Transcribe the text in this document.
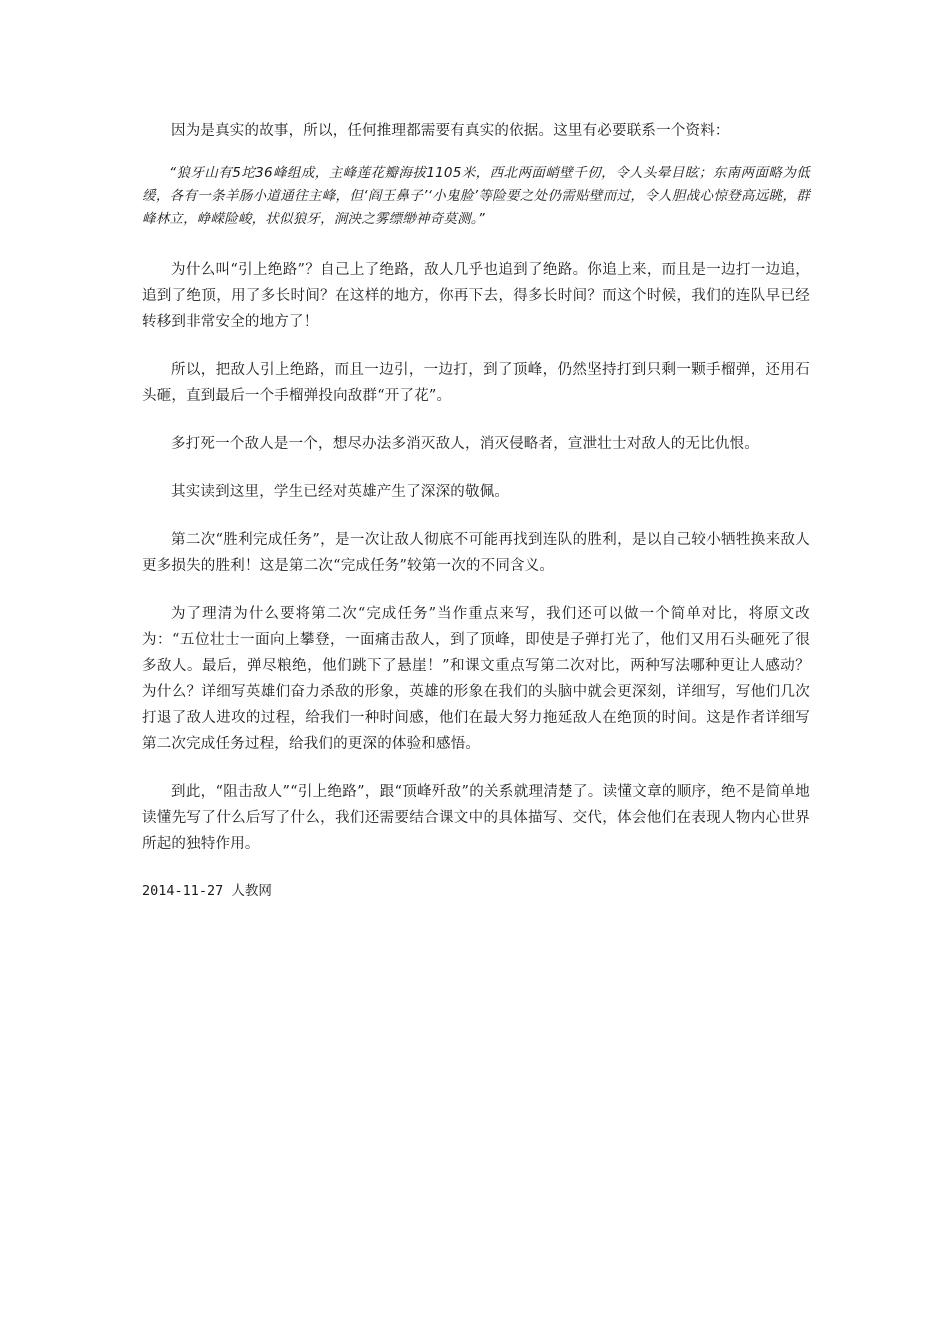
因为是真实的故事，所以，任何推理都需要有真实的依据。这里有必要联系一个资料：

“狼牙山有5坨36峰组成，主峰莲花瓣海拔1105米，西北两面峭壁千仞，令人头晕目眩；东南两面略为低缓，各有一条羊肠小道通往主峰，但‘阎王鼻子’‘小鬼脸’等险要之处仍需贴壁而过，令人胆战心惊登高远眺，群峰林立，峥嵘险峻，状似狼牙，涧泱之雾缥缈神奇莫测。”

为什么叫“引上绝路”？自己上了绝路，敌人几乎也追到了绝路。你追上来，而且是一边打一边追，追到了绝顶，用了多长时间？在这样的地方，你再下去，得多长时间？而这个时候，我们的连队早已经转移到非常安全的地方了！

所以，把敌人引上绝路，而且一边引，一边打，到了顶峰，仍然坚持打到只剩一颗手榴弹，还用石头砸，直到最后一个手榴弹投向敌群“开了花”。

多打死一个敌人是一个，想尽办法多消灭敌人，消灭侵略者，宣泄壮士对敌人的无比仇恨。

其实读到这里，学生已经对英雄产生了深深的敬佩。

第二次“胜利完成任务”，是一次让敌人彻底不可能再找到连队的胜利，是以自己较小牺牲换来敌人更多损失的胜利！这是第二次“完成任务”较第一次的不同含义。

为了理清为什么要将第二次“完成任务”当作重点来写，我们还可以做一个简单对比，将原文改为：“五位壮士一面向上攀登，一面痛击敌人，到了顶峰，即使是子弹打光了，他们又用石头砸死了很多敌人。最后，弹尽粮绝，他们跳下了悬崖！”和课文重点写第二次对比，两种写法哪种更让人感动？为什么？详细写英雄们奋力杀敌的形象，英雄的形象在我们的头脑中就会更深刻，详细写，写他们几次打退了敌人进攻的过程，给我们一种时间感，他们在最大努力拖延敌人在绝顶的时间。这是作者详细写第二次完成任务过程，给我们的更深的体验和感悟。

到此，“阻击敌人”“引上绝路”，跟“顶峰歼敌”的关系就理清楚了。读懂文章的顺序，绝不是简单地读懂先写了什么后写了什么，我们还需要结合课文中的具体描写、交代，体会他们在表现人物内心世界所起的独特作用。

2014-11-27 人教网
